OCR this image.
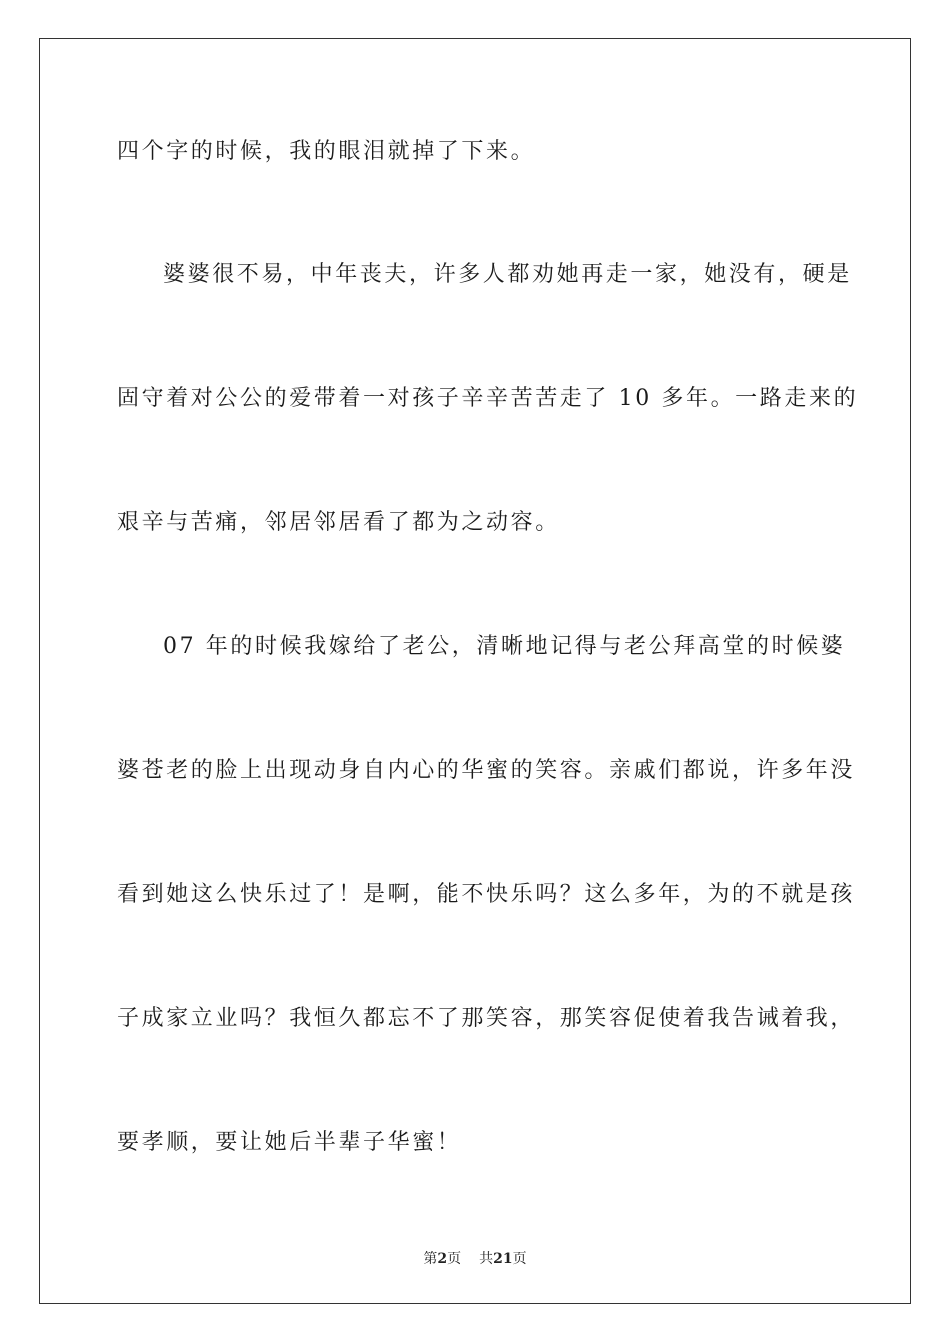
四个字的时候，我的眼泪就掉了下来。

婆婆很不易，中年丧夫，许多人都劝她再走一家，她没有，硬是

固守着对公公的爱带着一对孩子辛辛苦苦走了 10 多年。一路走来的

艰辛与苦痛，邻居邻居看了都为之动容。

07 年的时候我嫁给了老公，清晰地记得与老公拜高堂的时候婆

婆苍老的脸上出现动身自内心的华蜜的笑容。亲戚们都说，许多年没

看到她这么快乐过了！是啊，能不快乐吗？这么多年，为的不就是孩

子成家立业吗？我恒久都忘不了那笑容，那笑容促使着我告诫着我，

要孝顺，要让她后半辈子华蜜！

第2页 共21页
